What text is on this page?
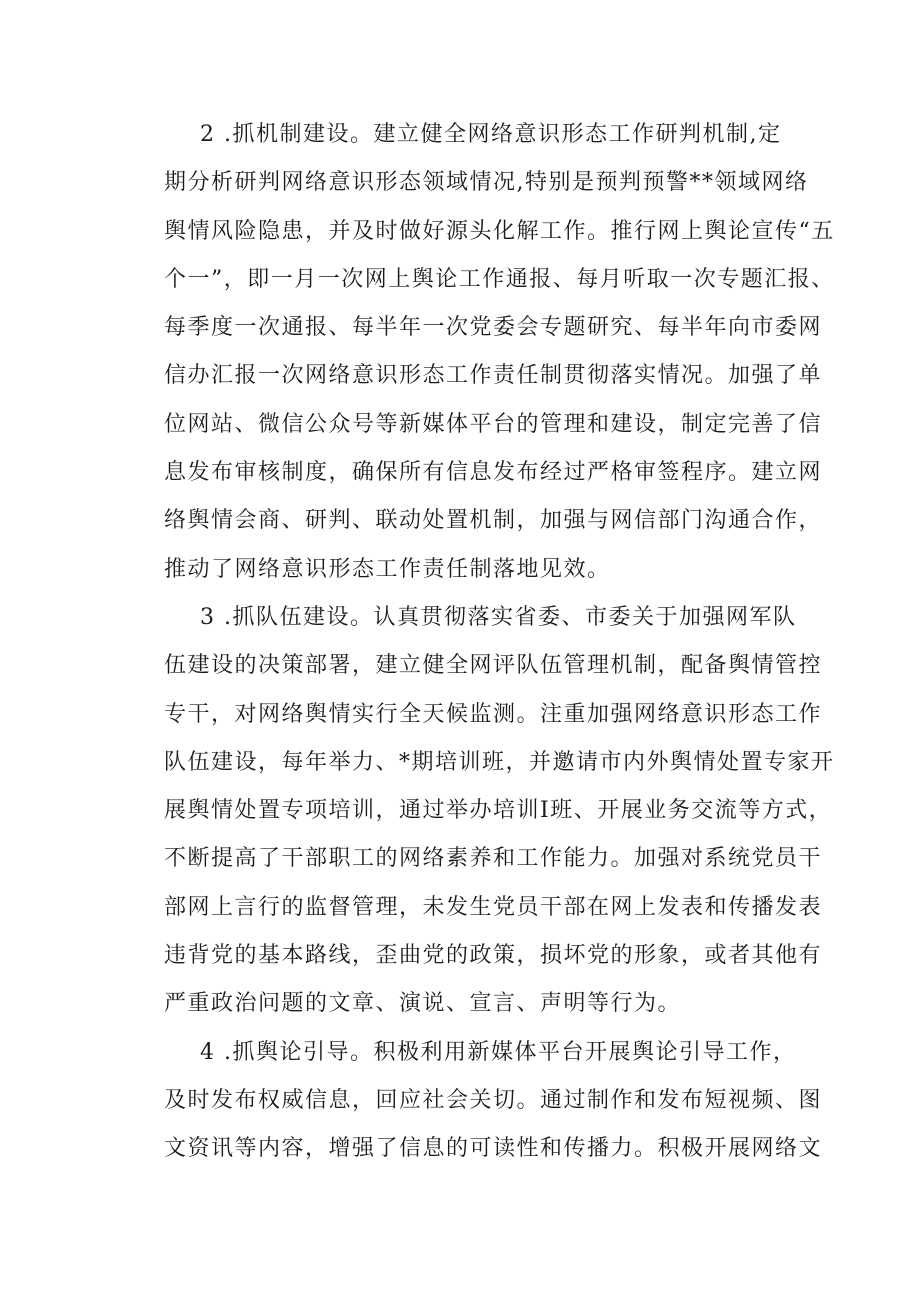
2 .抓机制建设。建立健全网络意识形态工作研判机制,定
期分析研判网络意识形态领域情况,特别是预判预警**领域网络
舆情风险隐患，并及时做好源头化解工作。推行网上舆论宣传“五
个一”，即一月一次网上舆论工作通报、每月听取一次专题汇报、
每季度一次通报、每半年一次党委会专题研究、每半年向市委网
信办汇报一次网络意识形态工作责任制贯彻落实情况。加强了单
位网站、微信公众号等新媒体平台的管理和建设，制定完善了信
息发布审核制度，确保所有信息发布经过严格审签程序。建立网
络舆情会商、研判、联动处置机制，加强与网信部门沟通合作，
推动了网络意识形态工作责任制落地见效。
3 .抓队伍建设。认真贯彻落实省委、市委关于加强网军队
伍建设的决策部署，建立健全网评队伍管理机制，配备舆情管控
专干，对网络舆情实行全天候监测。注重加强网络意识形态工作
队伍建设，每年举力、*期培训班，并邀请市内外舆情处置专家开
展舆情处置专项培训，通过举办培训I班、开展业务交流等方式，
不断提高了干部职工的网络素养和工作能力。加强对系统党员干
部网上言行的监督管理，未发生党员干部在网上发表和传播发表
违背党的基本路线，歪曲党的政策，损坏党的形象，或者其他有
严重政治问题的文章、演说、宣言、声明等行为。
4 .抓舆论引导。积极利用新媒体平台开展舆论引导工作，
及时发布权威信息，回应社会关切。通过制作和发布短视频、图
文资讯等内容，增强了信息的可读性和传播力。积极开展网络文
